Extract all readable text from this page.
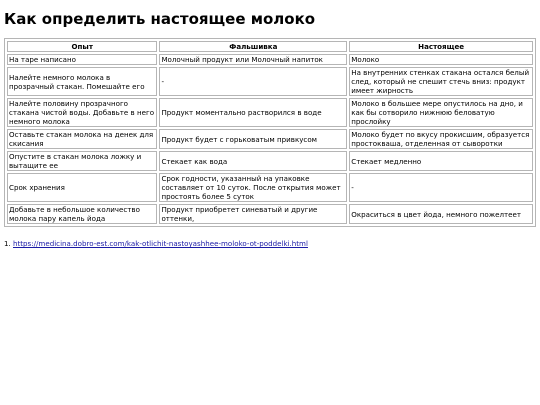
Как определить настоящее молоко
Опыт	Фальшивка	Настоящее
На таре написано	Молочный продукт или Молочный напиток	Молоко
Налейте немного молока в прозрачный стакан. Помешайте его	-	На внутренних стенках стакана остался белый след, который не спешит стечь вниз: продукт имеет жирность
Налейте половину прозрачного стакана чистой воды. Добавьте в него немного молока	Продукт моментально растворился в воде	Молоко в большее мере опустилось на дно, и как бы сотворило нижнюю беловатую прослойку
Оставьте стакан молока на денек для скисания	Продукт будет с горьковатым привкусом	Молоко будет по вкусу прокисшим, образуется простокваша, отделенная от сыворотки
Опустите в стакан молока ложку и вытащите ее	Стекает как вода	Стекает медленно
Срок хранения	Срок годности, указанный на упаковке составляет от 10 суток. После открытия может простоять более 5 суток	-
Добавьте в небольшое количество молока пару капель йода	Продукт приобретет синеватый и другие оттенки,	Окраситься в цвет йода, немного пожелтеет
1. https://medicina.dobro-est.com/kak-otlichit-nastoyashhee-moloko-ot-poddelki.html
